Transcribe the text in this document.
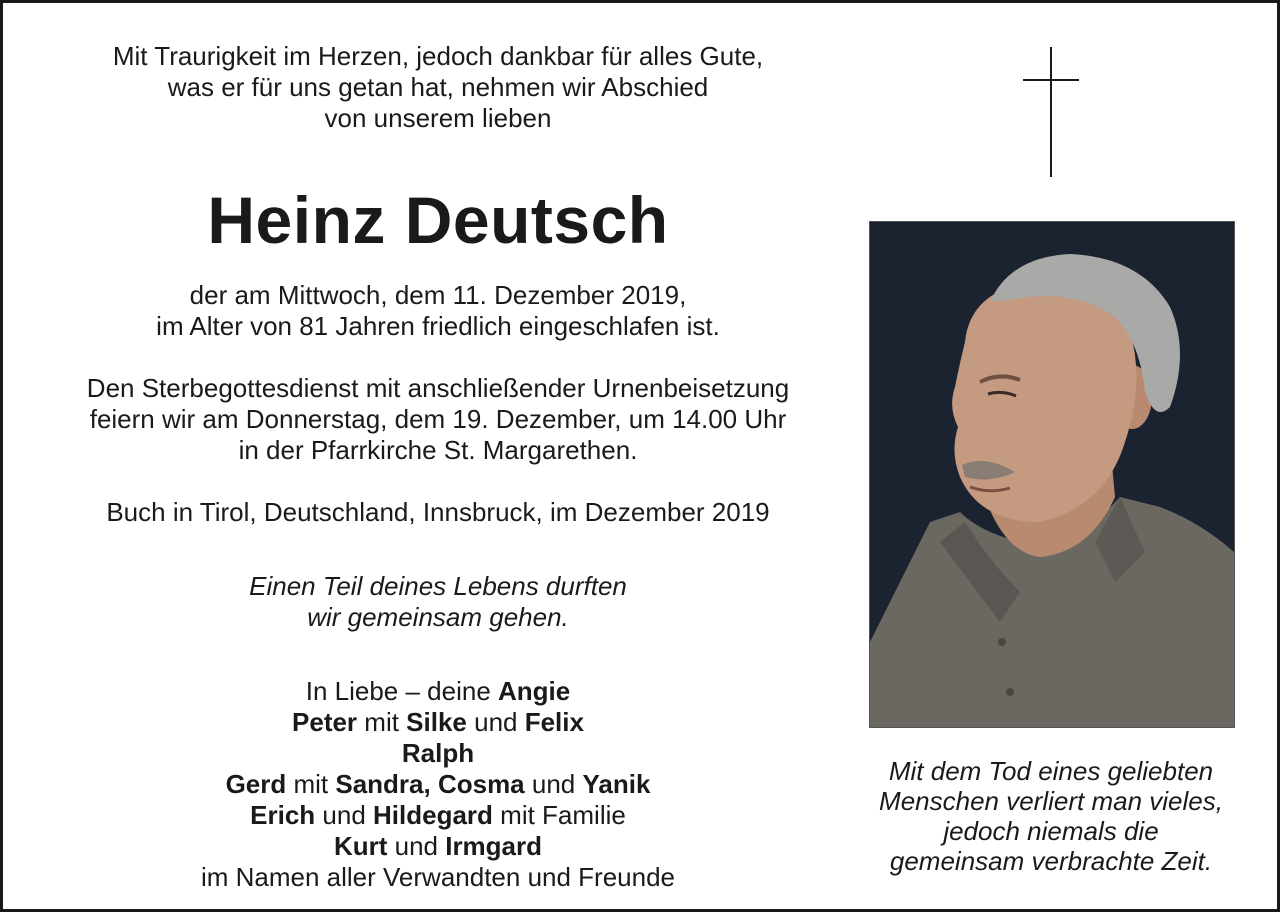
Mit Traurigkeit im Herzen, jedoch dankbar für alles Gute,

was er für uns getan hat, nehmen wir Abschied

von unserem lieben

Heinz Deutsch

der am Mittwoch, dem 11. Dezember 2019,

im Alter von 81 Jahren friedlich eingeschlafen ist.

Den Sterbegottesdienst mit anschließender Urnenbeisetzung

feiern wir am Donnerstag, dem 19. Dezember, um 14.00 Uhr

in der Pfarrkirche St. Margarethen.

Buch in Tirol, Deutschland, Innsbruck, im Dezember 2019

Einen Teil deines Lebens durften

wir gemeinsam gehen.

In Liebe – deine Angie

Peter mit Silke und Felix

Ralph

Gerd mit Sandra, Cosma und Yanik

Erich und Hildegard mit Familie

Kurt und Irmgard

im Namen aller Verwandten und Freunde

Mit dem Tod eines geliebten
Menschen verliert man vieles,
jedoch niemals die
gemeinsam verbrachte Zeit.
